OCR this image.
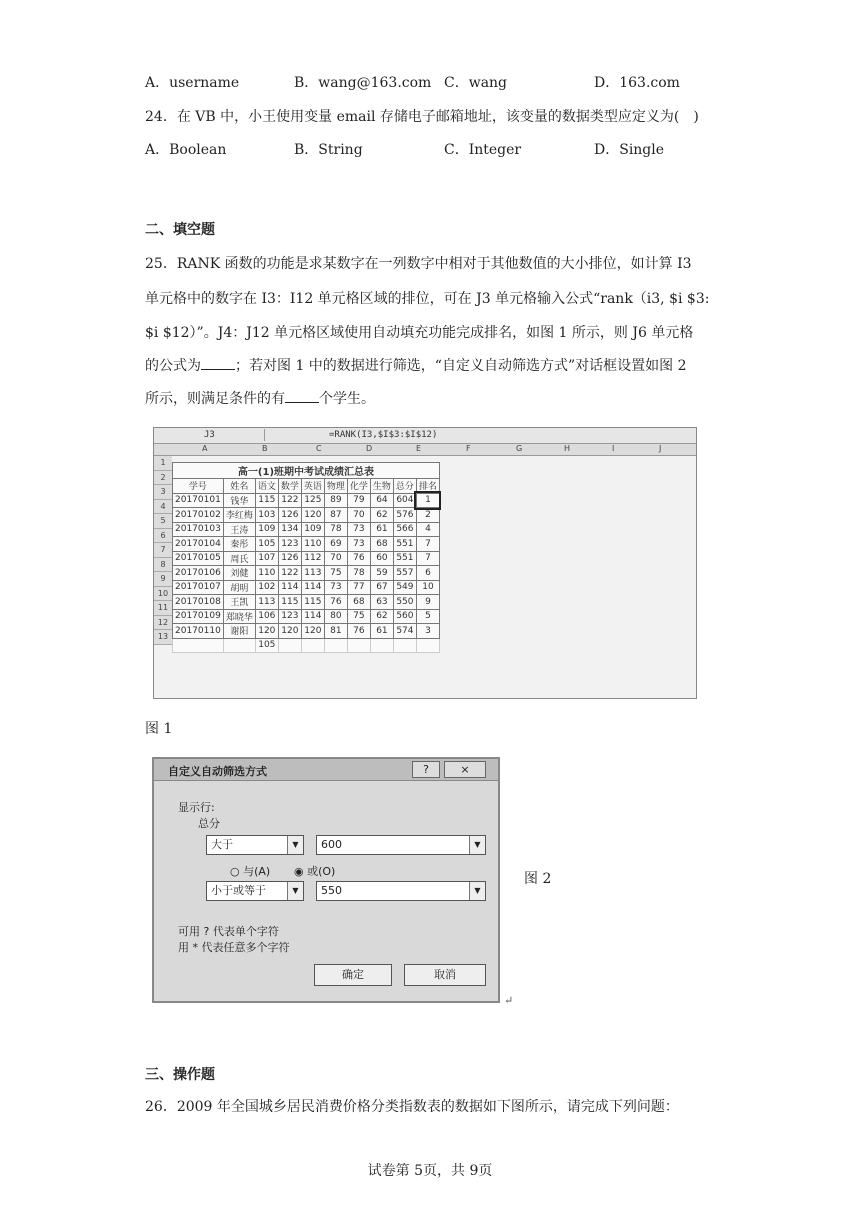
A．username	B．wang@163.com C．wang	D．163.com
24．在 VB 中，小王使用变量 email 存储电子邮箱地址，该变量的数据类型应定义为(　)
A．Boolean	B．String	C．Integer	D．Single
二、填空题
25．RANK 函数的功能是求某数字在一列数字中相对于其他数值的大小排位，如计算 I3
单元格中的数字在 I3：I12 单元格区域的排位，可在 J3 单元格输入公式“rank（i3, $i $3:
$i $12）”。J4：J12 单元格区域使用自动填充功能完成排名，如图 1 所示，则 J6 单元格
的公式为 ；若对图 1 中的数据进行筛选，“自定义自动筛选方式”对话框设置如图 2
所示，则满足条件的有 个学生。
J3	=RANK(I3,$I$3:$I$12)
A	B	C	D	E	F	G	H	I	J
1
2
3
4
5
6
7
8
9
10
11
12
13
高一(1)班期中考试成绩汇总表									
学号	姓名	语文	数学	英语	物理	化学	生物	总分	排名
20170101	钱华	115	122	125	89	79	64	604	1
20170102	李红梅	103	126	120	87	70	62	576	2
20170103	王涛	109	134	109	78	73	61	566	4
20170104	秦彤	105	123	110	69	73	68	551	7
20170105	周氏	107	126	112	70	76	60	551	7
20170106	刘健	110	122	113	75	78	59	557	6
20170107	胡明	102	114	114	73	77	67	549	10
20170108	王凯	113	115	115	76	68	63	550	9
20170109	郑晓华	106	123	114	80	75	62	560	5
20170110	谢阳	120	120	120	81	76	61	574	3
		105							
图 1
自定义自动筛选方式	?	×
显示行:
总分
大于	▼	600	▼
○ 与(A) ◉ 或(O)
小于或等于	▼	550	▼
可用 ? 代表单个字符
用 * 代表任意多个字符
确定	取消
↵
图 2
三、操作题
26．2009 年全国城乡居民消费价格分类指数表的数据如下图所示，请完成下列问题：
试卷第 5页，共 9页
